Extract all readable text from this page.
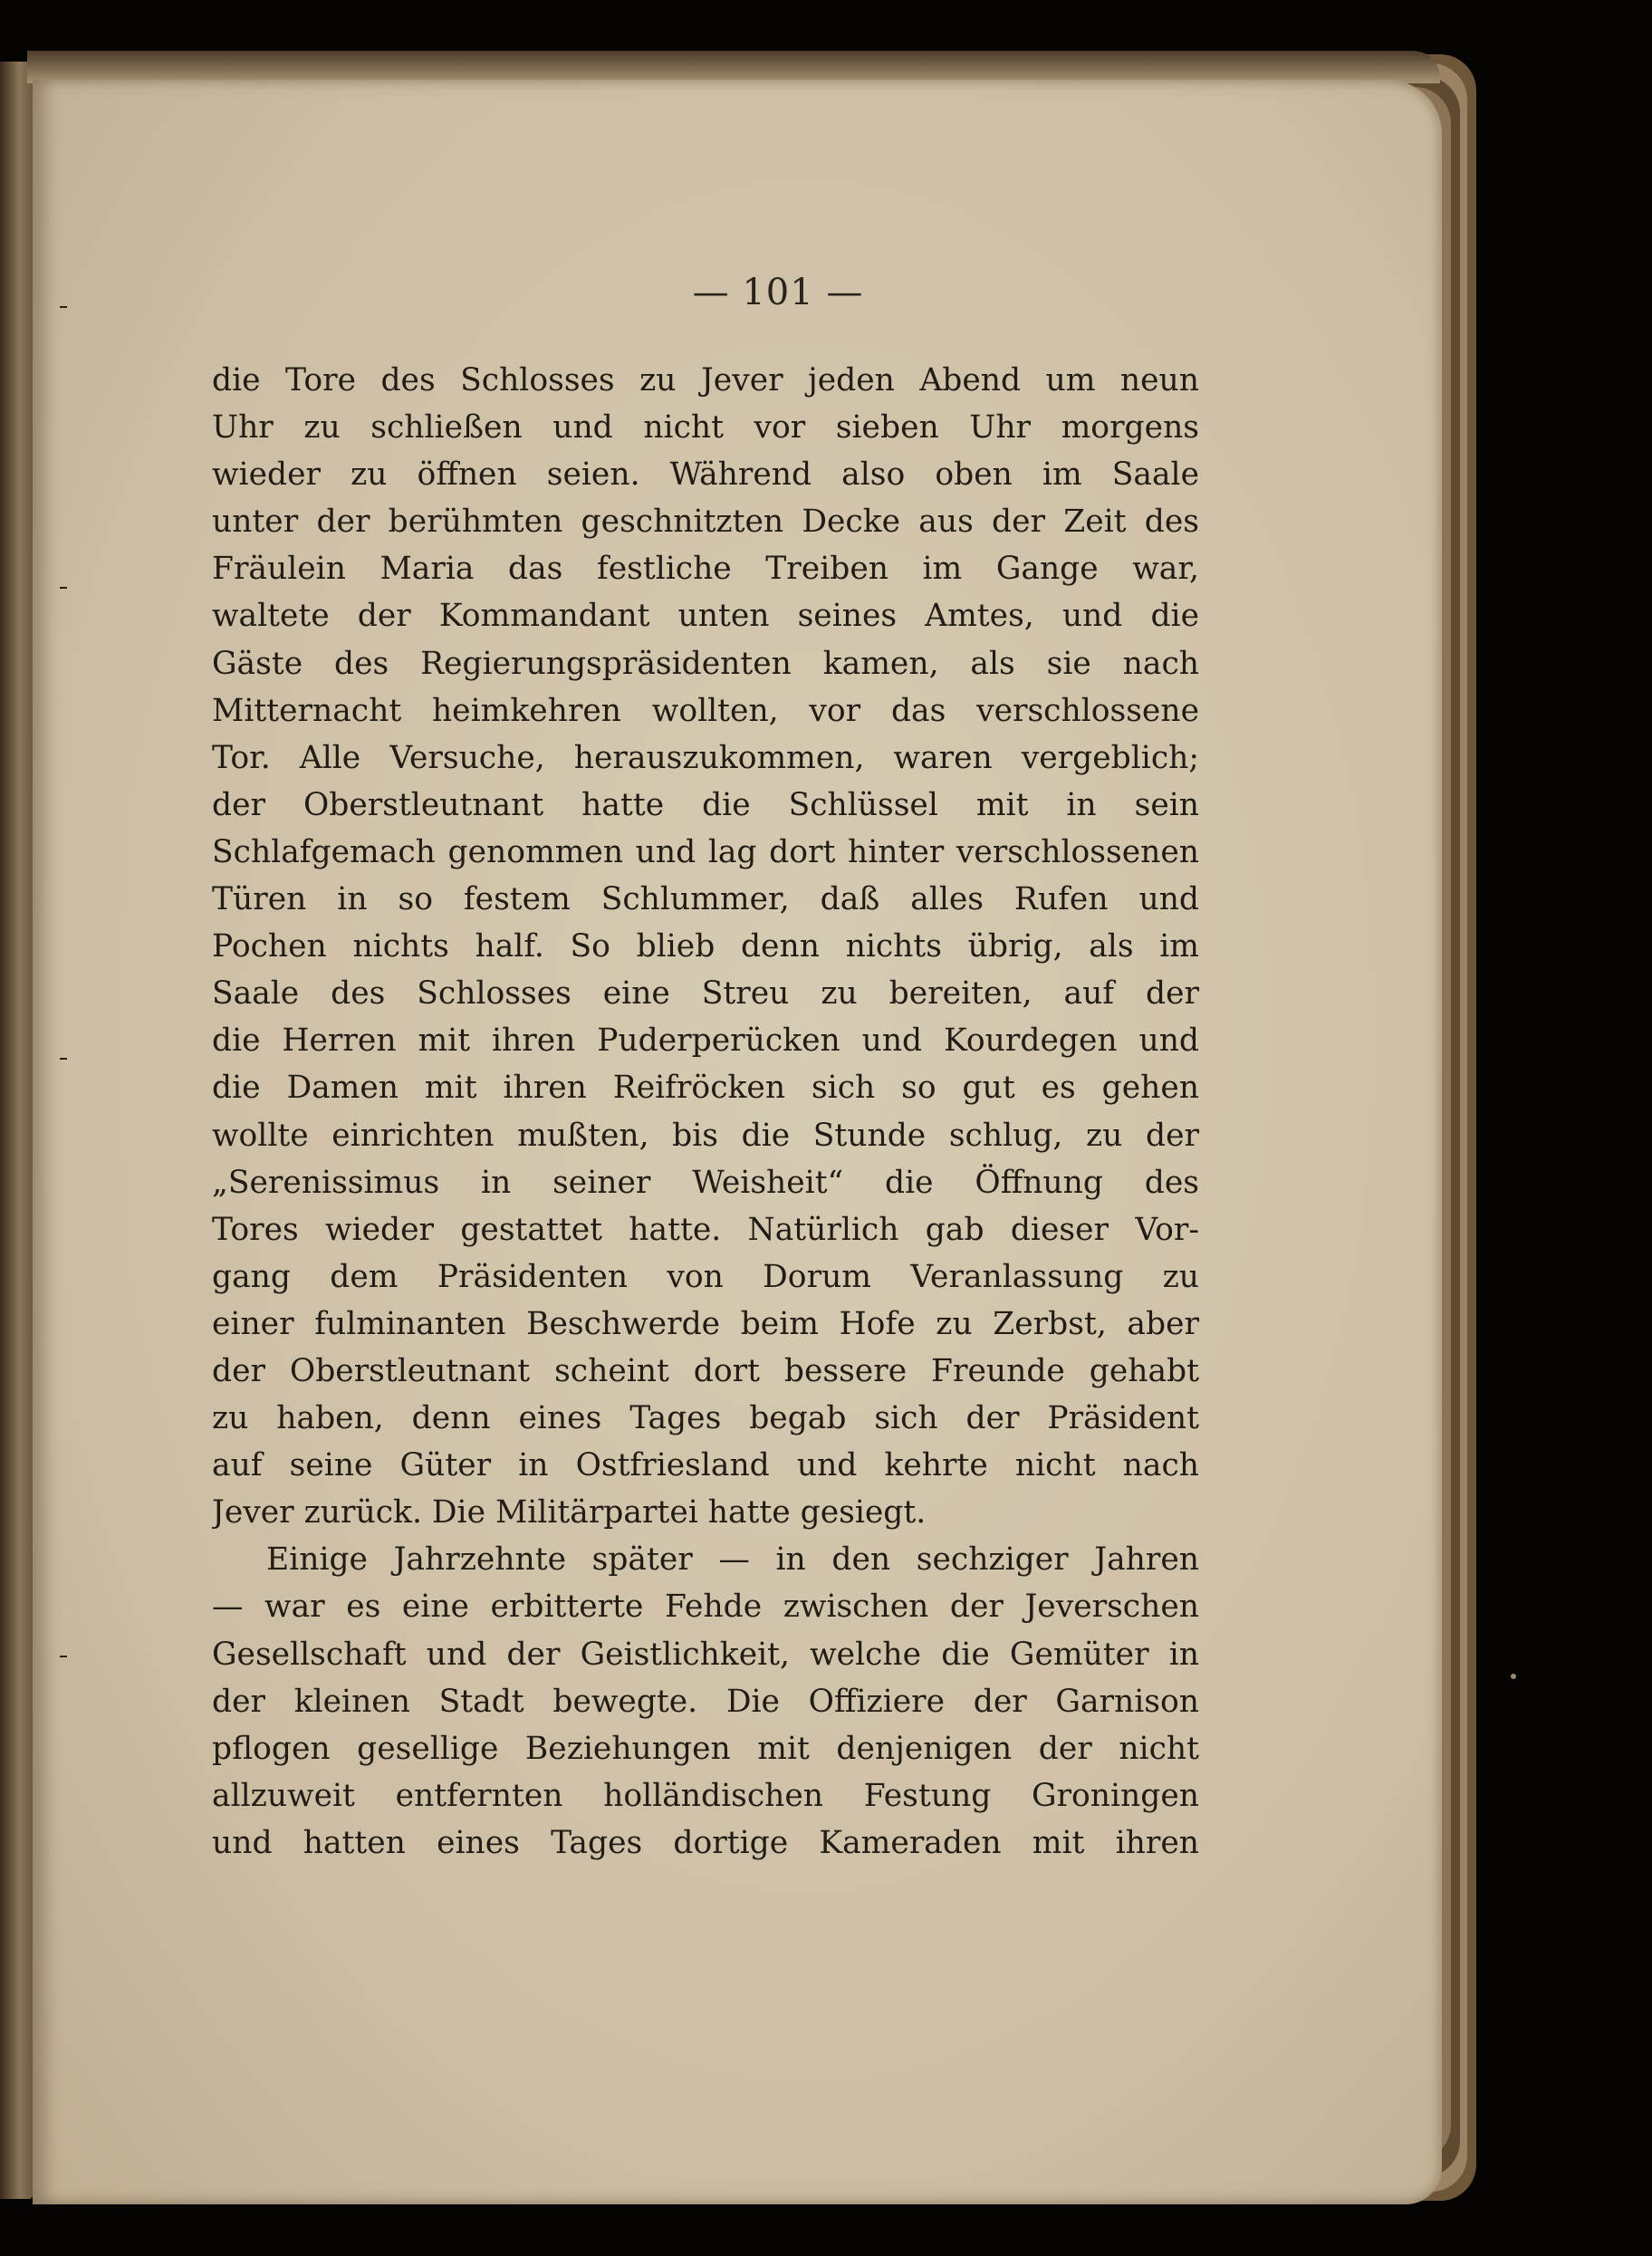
— 101 —
die Tore des Schlosses zu Jever jeden Abend um neun
Uhr zu schließen und nicht vor sieben Uhr morgens
wieder zu öffnen seien. Während also oben im Saale
unter der berühmten geschnitzten Decke aus der Zeit des
Fräulein Maria das festliche Treiben im Gange war,
waltete der Kommandant unten seines Amtes, und die
Gäste des Regierungspräsidenten kamen, als sie nach
Mitternacht heimkehren wollten, vor das verschlossene
Tor. Alle Versuche, herauszukommen, waren vergeblich;
der Oberstleutnant hatte die Schlüssel mit in sein
Schlafgemach genommen und lag dort hinter verschlossenen
Türen in so festem Schlummer, daß alles Rufen und
Pochen nichts half. So blieb denn nichts übrig, als im
Saale des Schlosses eine Streu zu bereiten, auf der
die Herren mit ihren Puderperücken und Kourdegen und
die Damen mit ihren Reifröcken sich so gut es gehen
wollte einrichten mußten, bis die Stunde schlug, zu der
„Serenissimus in seiner Weisheit“ die Öffnung des
Tores wieder gestattet hatte. Natürlich gab dieser Vor-
gang dem Präsidenten von Dorum Veranlassung zu
einer fulminanten Beschwerde beim Hofe zu Zerbst, aber
der Oberstleutnant scheint dort bessere Freunde gehabt
zu haben, denn eines Tages begab sich der Präsident
auf seine Güter in Ostfriesland und kehrte nicht nach
Jever zurück. Die Militärpartei hatte gesiegt.
Einige Jahrzehnte später — in den sechziger Jahren
— war es eine erbitterte Fehde zwischen der Jeverschen
Gesellschaft und der Geistlichkeit, welche die Gemüter in
der kleinen Stadt bewegte. Die Offiziere der Garnison
pflogen gesellige Beziehungen mit denjenigen der nicht
allzuweit entfernten holländischen Festung Groningen
und hatten eines Tages dortige Kameraden mit ihren
